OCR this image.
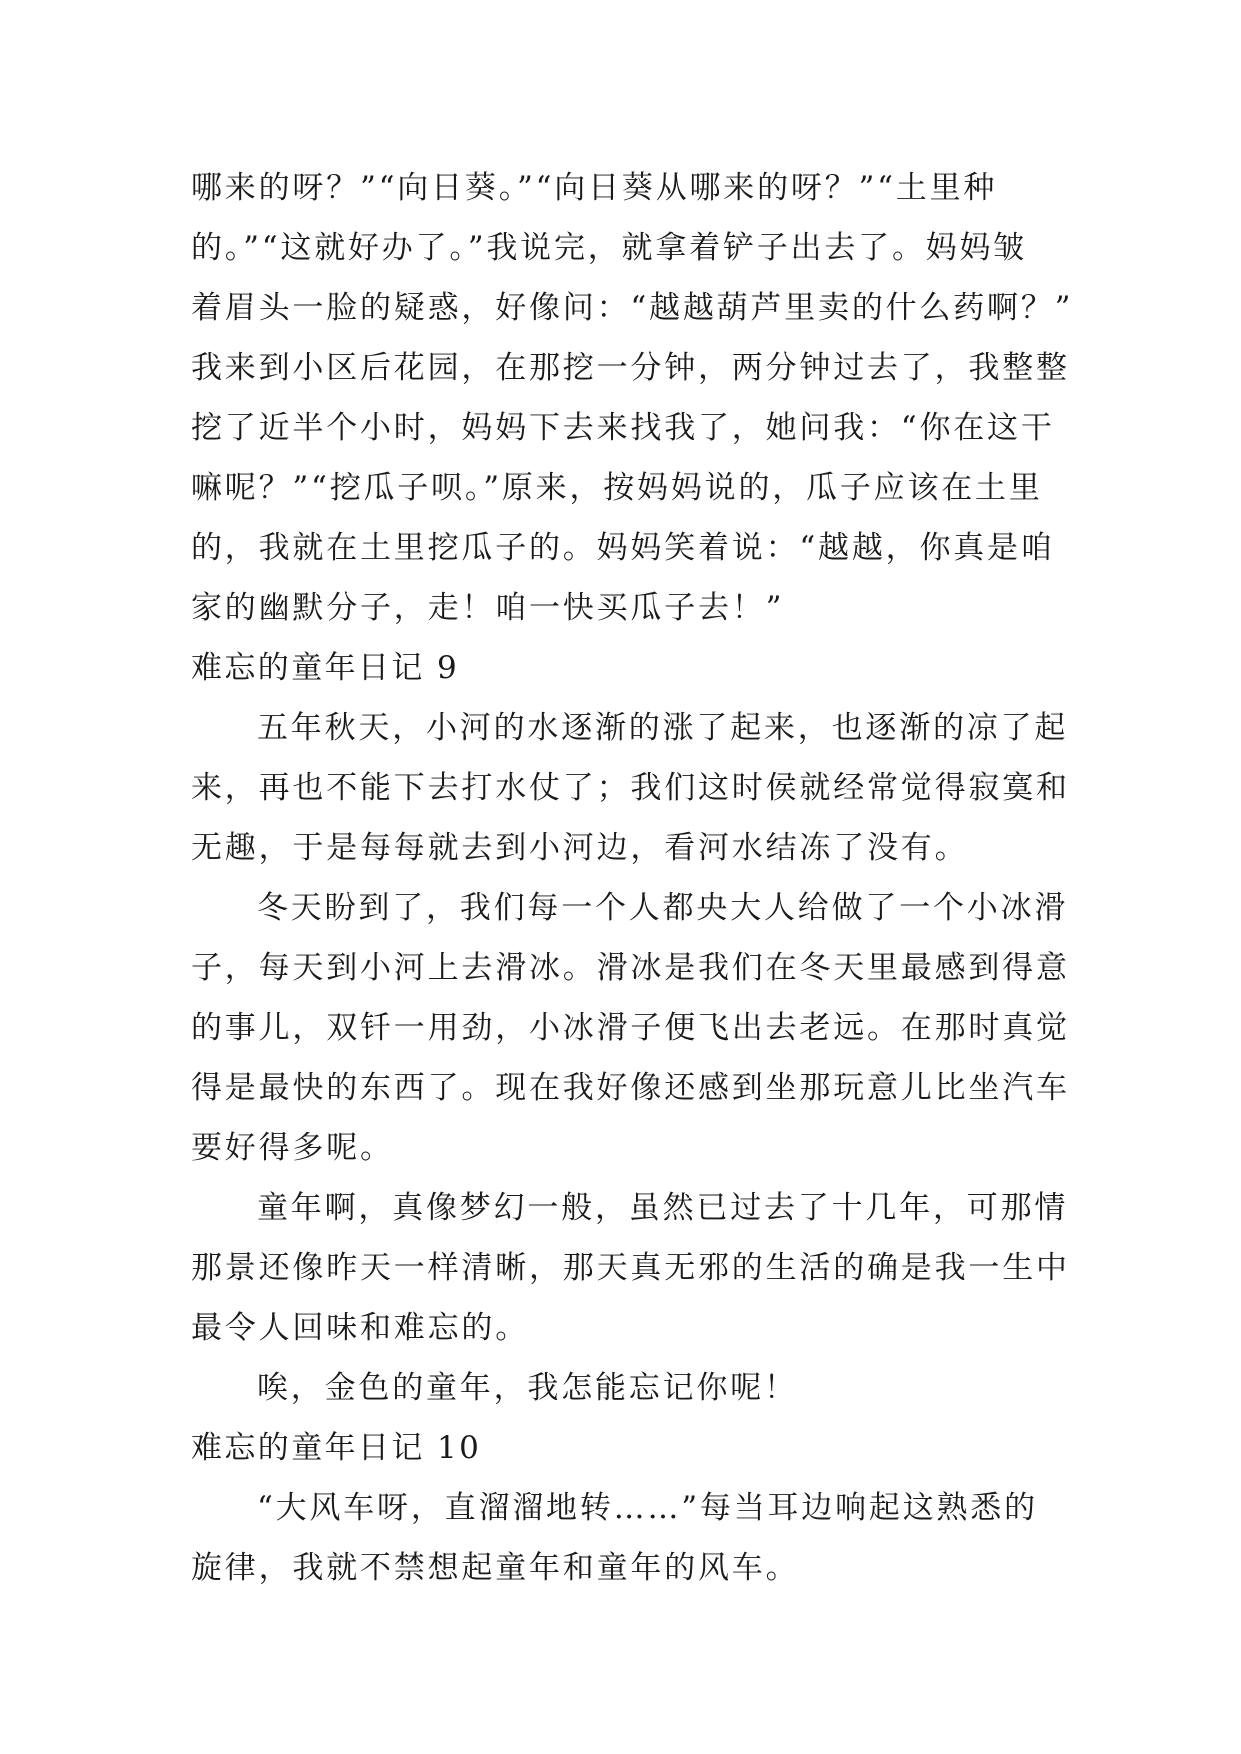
哪来的呀？”“向日葵。”“向日葵从哪来的呀？”“土里种
的。”“这就好办了。”我说完，就拿着铲子出去了。妈妈皱
着眉头一脸的疑惑，好像问：“越越葫芦里卖的什么药啊？”
我来到小区后花园，在那挖一分钟，两分钟过去了，我整整
挖了近半个小时，妈妈下去来找我了，她问我：“你在这干
嘛呢？”“挖瓜子呗。”原来，按妈妈说的，瓜子应该在土里
的，我就在土里挖瓜子的。妈妈笑着说：“越越，你真是咱
家的幽默分子，走！咱一快买瓜子去！”
难忘的童年日记 9
五年秋天，小河的水逐渐的涨了起来，也逐渐的凉了起
来，再也不能下去打水仗了；我们这时侯就经常觉得寂寞和
无趣，于是每每就去到小河边，看河水结冻了没有。
冬天盼到了，我们每一个人都央大人给做了一个小冰滑
子，每天到小河上去滑冰。滑冰是我们在冬天里最感到得意
的事儿，双钎一用劲，小冰滑子便飞出去老远。在那时真觉
得是最快的东西了。现在我好像还感到坐那玩意儿比坐汽车
要好得多呢。
童年啊，真像梦幻一般，虽然已过去了十几年，可那情
那景还像昨天一样清晰，那天真无邪的生活的确是我一生中
最令人回味和难忘的。
唉，金色的童年，我怎能忘记你呢！
难忘的童年日记 10
“大风车呀，直溜溜地转……”每当耳边响起这熟悉的
旋律，我就不禁想起童年和童年的风车。
